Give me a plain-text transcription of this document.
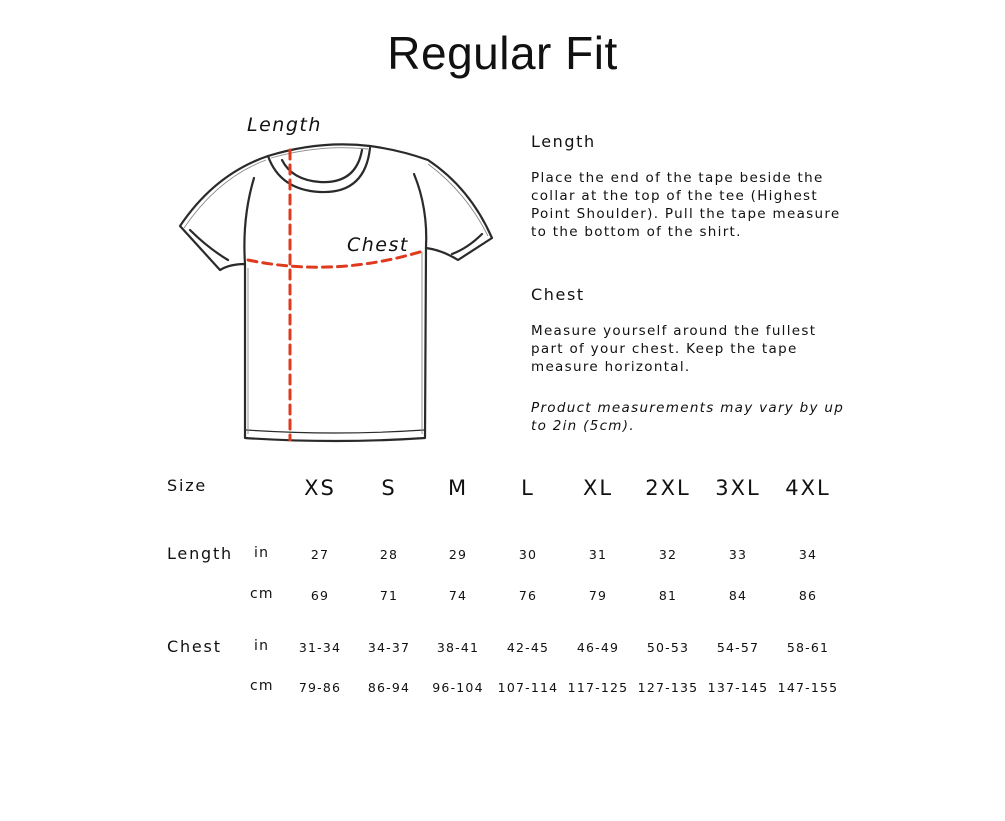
Regular Fit
Length
Chest
Length

Place the end of the tape beside the collar at the top of the tee (Highest Point Shoulder). Pull the tape measure to the bottom of the shirt.

Chest

Measure yourself around the fullest part of your chest. Keep the tape measure horizontal.

Product measurements may vary by up to 2in (5cm).

Size	XS S M	L XL 2XL 3XL 4XL
Length in	27	28	29	30	31	32	33	34
cm	69	71	74	76	79	81	84	86
Chest in 31-34 34-37 38-41 42-45 46-49 50-53 54-57 58-61
cm 79-86 86-94 96-104 107-114 117-125 127-135 137-145 147-155
